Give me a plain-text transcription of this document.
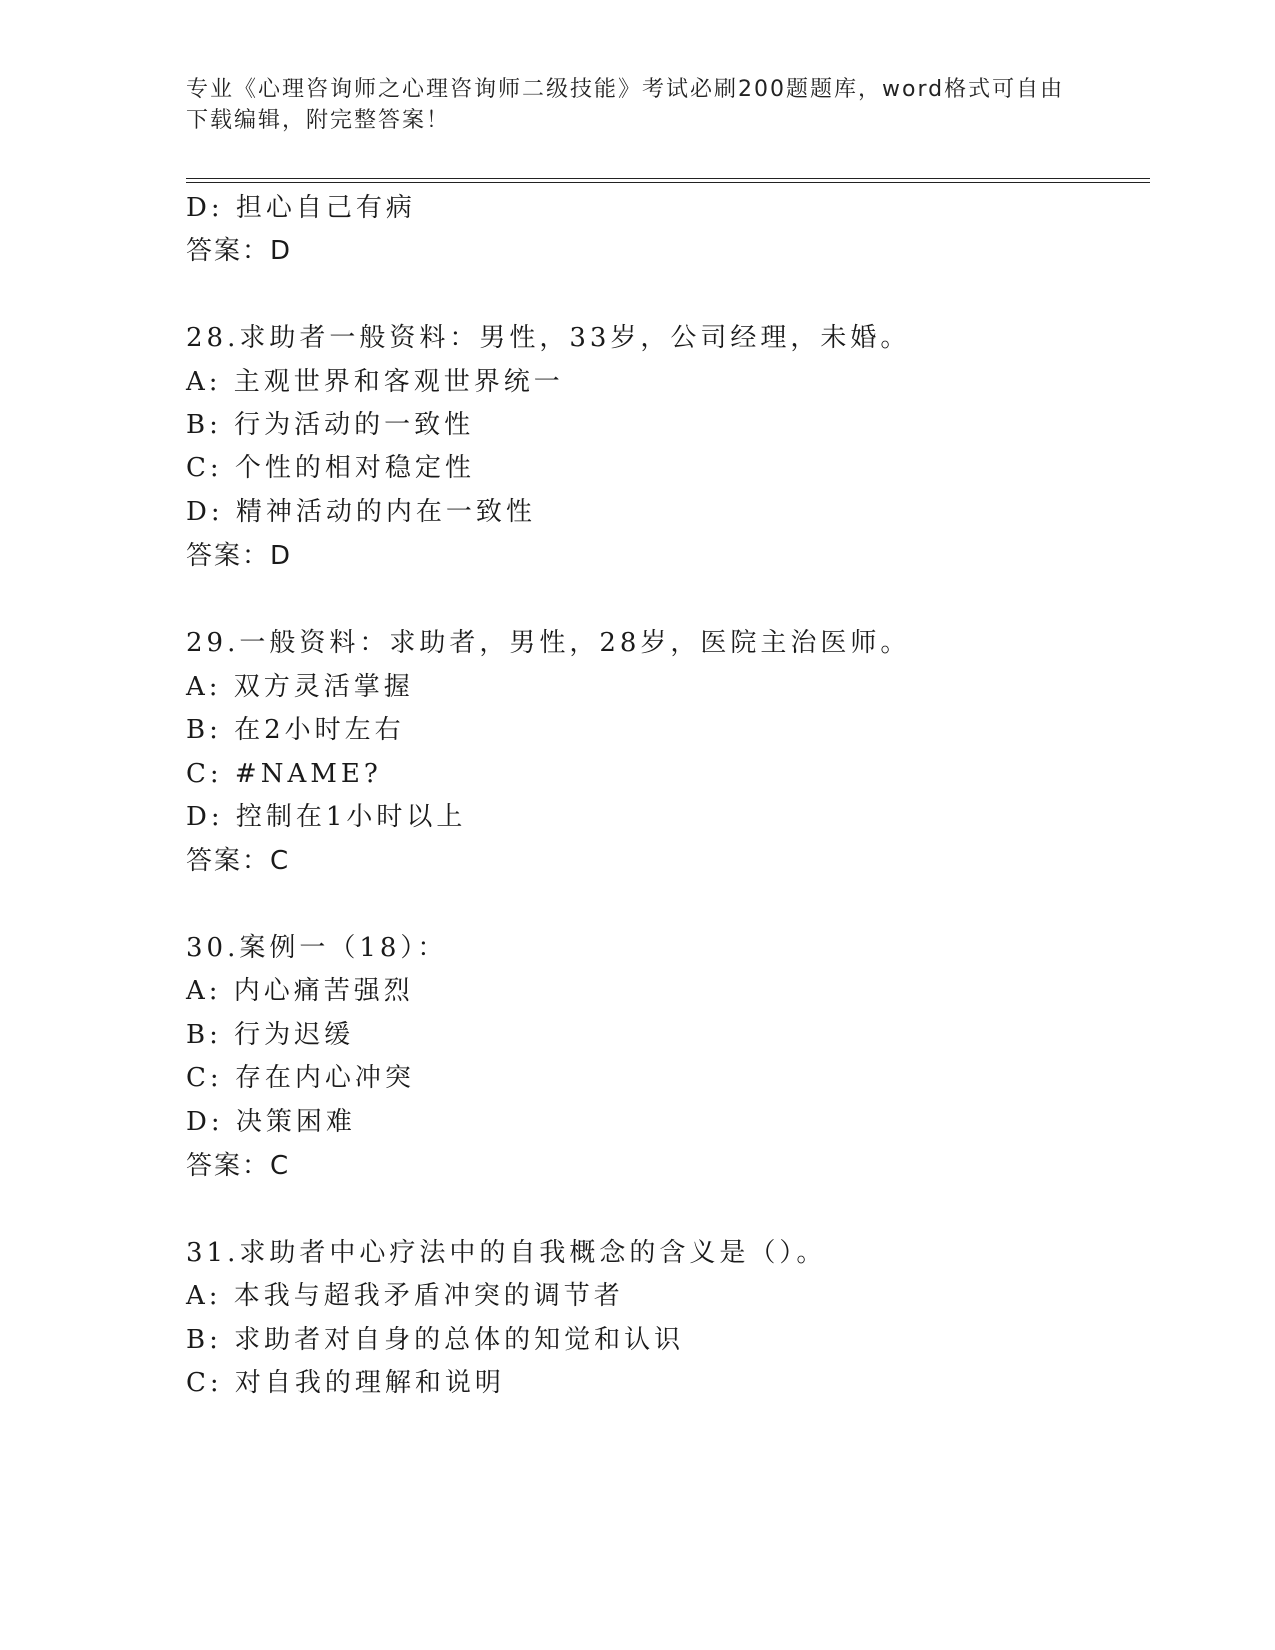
专业《心理咨询师之心理咨询师二级技能》考试必刷200题题库，word格式可自由下载编辑，附完整答案！
D: 担心自己有病
答案：D
28.求助者一般资料：男性，33岁，公司经理，未婚。
A: 主观世界和客观世界统一
B: 行为活动的一致性
C: 个性的相对稳定性
D: 精神活动的内在一致性
答案：D
29.一般资料：求助者，男性，28岁，医院主治医师。
A: 双方灵活掌握
B: 在2小时左右
C: #NAME?
D: 控制在1小时以上
答案：C
30.案例一（18）：
A: 内心痛苦强烈
B: 行为迟缓
C: 存在内心冲突
D: 决策困难
答案：C
31.求助者中心疗法中的自我概念的含义是（）。
A: 本我与超我矛盾冲突的调节者
B: 求助者对自身的总体的知觉和认识
C: 对自我的理解和说明
